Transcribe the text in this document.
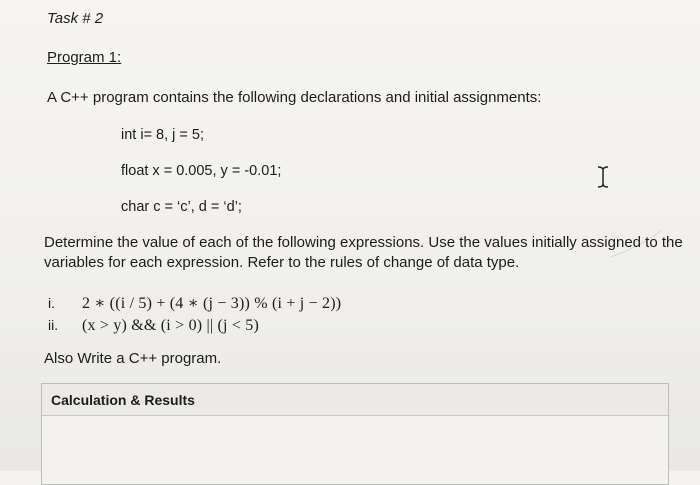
Task # 2
Program 1:
A C++ program contains the following declarations and initial assignments:
int i= 8, j = 5;
float x = 0.005, y = -0.01;
char c = ‘c’, d = ‘d’;
Determine the value of each of the following expressions. Use the values initially assigned to the variables for each expression. Refer to the rules of change of data type.
i.	2 ∗ ((i / 5) + (4 ∗ (j − 3)) % (i + j − 2))
ii.	(x > y) && (i > 0) || (j < 5)
Also Write a C++ program.
Calculation & Results
